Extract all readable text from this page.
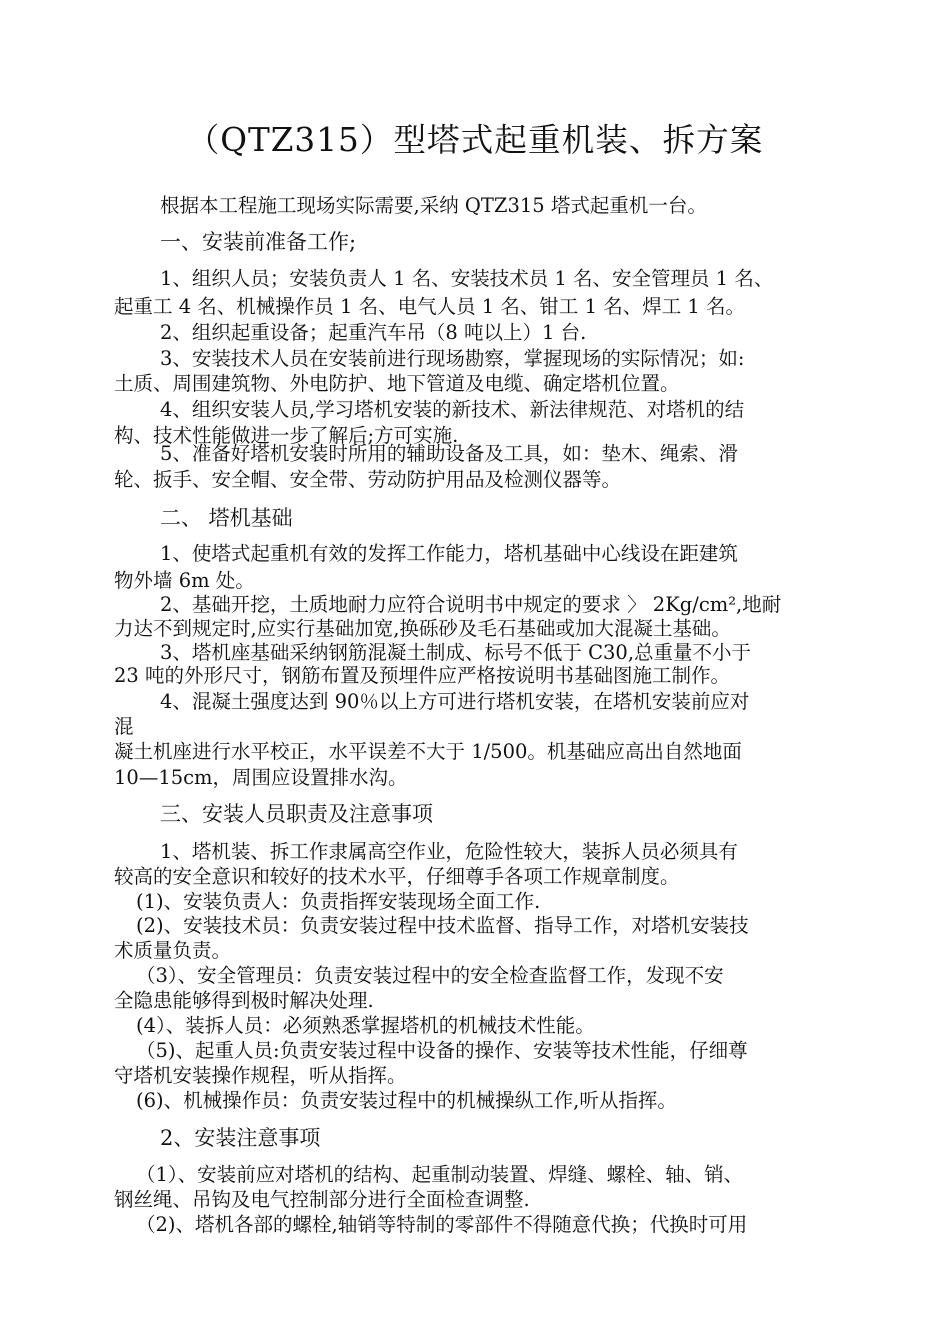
（QTZ315）型塔式起重机装、拆方案
根据本工程施工现场实际需要,采纳 QTZ315 塔式起重机一台。
一、安装前准备工作;
1、组织人员；安装负责人 1 名、安装技术员 1 名、安全管理员 1 名、
起重工 4 名、机械操作员 1 名、电气人员 1 名、钳工 1 名、焊工 1 名。
2、组织起重设备；起重汽车吊（8 吨以上）1 台.
3、安装技术人员在安装前进行现场勘察，掌握现场的实际情况；如:
土质、周围建筑物、外电防护、地下管道及电缆、确定塔机位置。
4、组织安装人员,学习塔机安装的新技术、新法律规范、对塔机的结
构、技术性能做进一步了解后;方可实施.
5、准备好塔机安装时所用的辅助设备及工具，如：垫木、绳索、滑
轮、扳手、安全帽、安全带、劳动防护用品及检测仪器等。
二、 塔机基础
1、使塔式起重机有效的发挥工作能力，塔机基础中心线设在距建筑
物外墙 6m 处。
2、基础开挖，土质地耐力应符合说明书中规定的要求 〉 2Kg/cm²,地耐
力达不到规定时,应实行基础加宽,换砾砂及毛石基础或加大混凝土基础。
3、塔机座基础采纳钢筋混凝土制成、标号不低于 C30,总重量不小于
23 吨的外形尺寸，钢筋布置及预埋件应严格按说明书基础图施工制作。
4、混凝土强度达到 90％以上方可进行塔机安装，在塔机安装前应对
混
凝土机座进行水平校正，水平误差不大于 1/500。机基础应高出自然地面
10—15cm，周围应设置排水沟。
三、安装人员职责及注意事项
1、塔机装、拆工作隶属高空作业，危险性较大，装拆人员必须具有
较高的安全意识和较好的技术水平，仔细尊手各项工作规章制度。
(1)、安装负责人：负责指挥安装现场全面工作.
(2)、安装技术员：负责安装过程中技术监督、指导工作，对塔机安装技
术质量负责。
（3）、安全管理员：负责安装过程中的安全检查监督工作，发现不安
全隐患能够得到极时解决处理.
(4）、装拆人员：必须熟悉掌握塔机的机械技术性能。
（5)、起重人员:负责安装过程中设备的操作、安装等技术性能，仔细尊
守塔机安装操作规程，听从指挥。
(6)、机械操作员：负责安装过程中的机械操纵工作,听从指挥。
2、安装注意事项
（1）、安装前应对塔机的结构、起重制动装置、焊缝、螺栓、轴、销、
钢丝绳、吊钩及电气控制部分进行全面检查调整.
（2)、塔机各部的螺栓,轴销等特制的零部件不得随意代换；代换时可用
